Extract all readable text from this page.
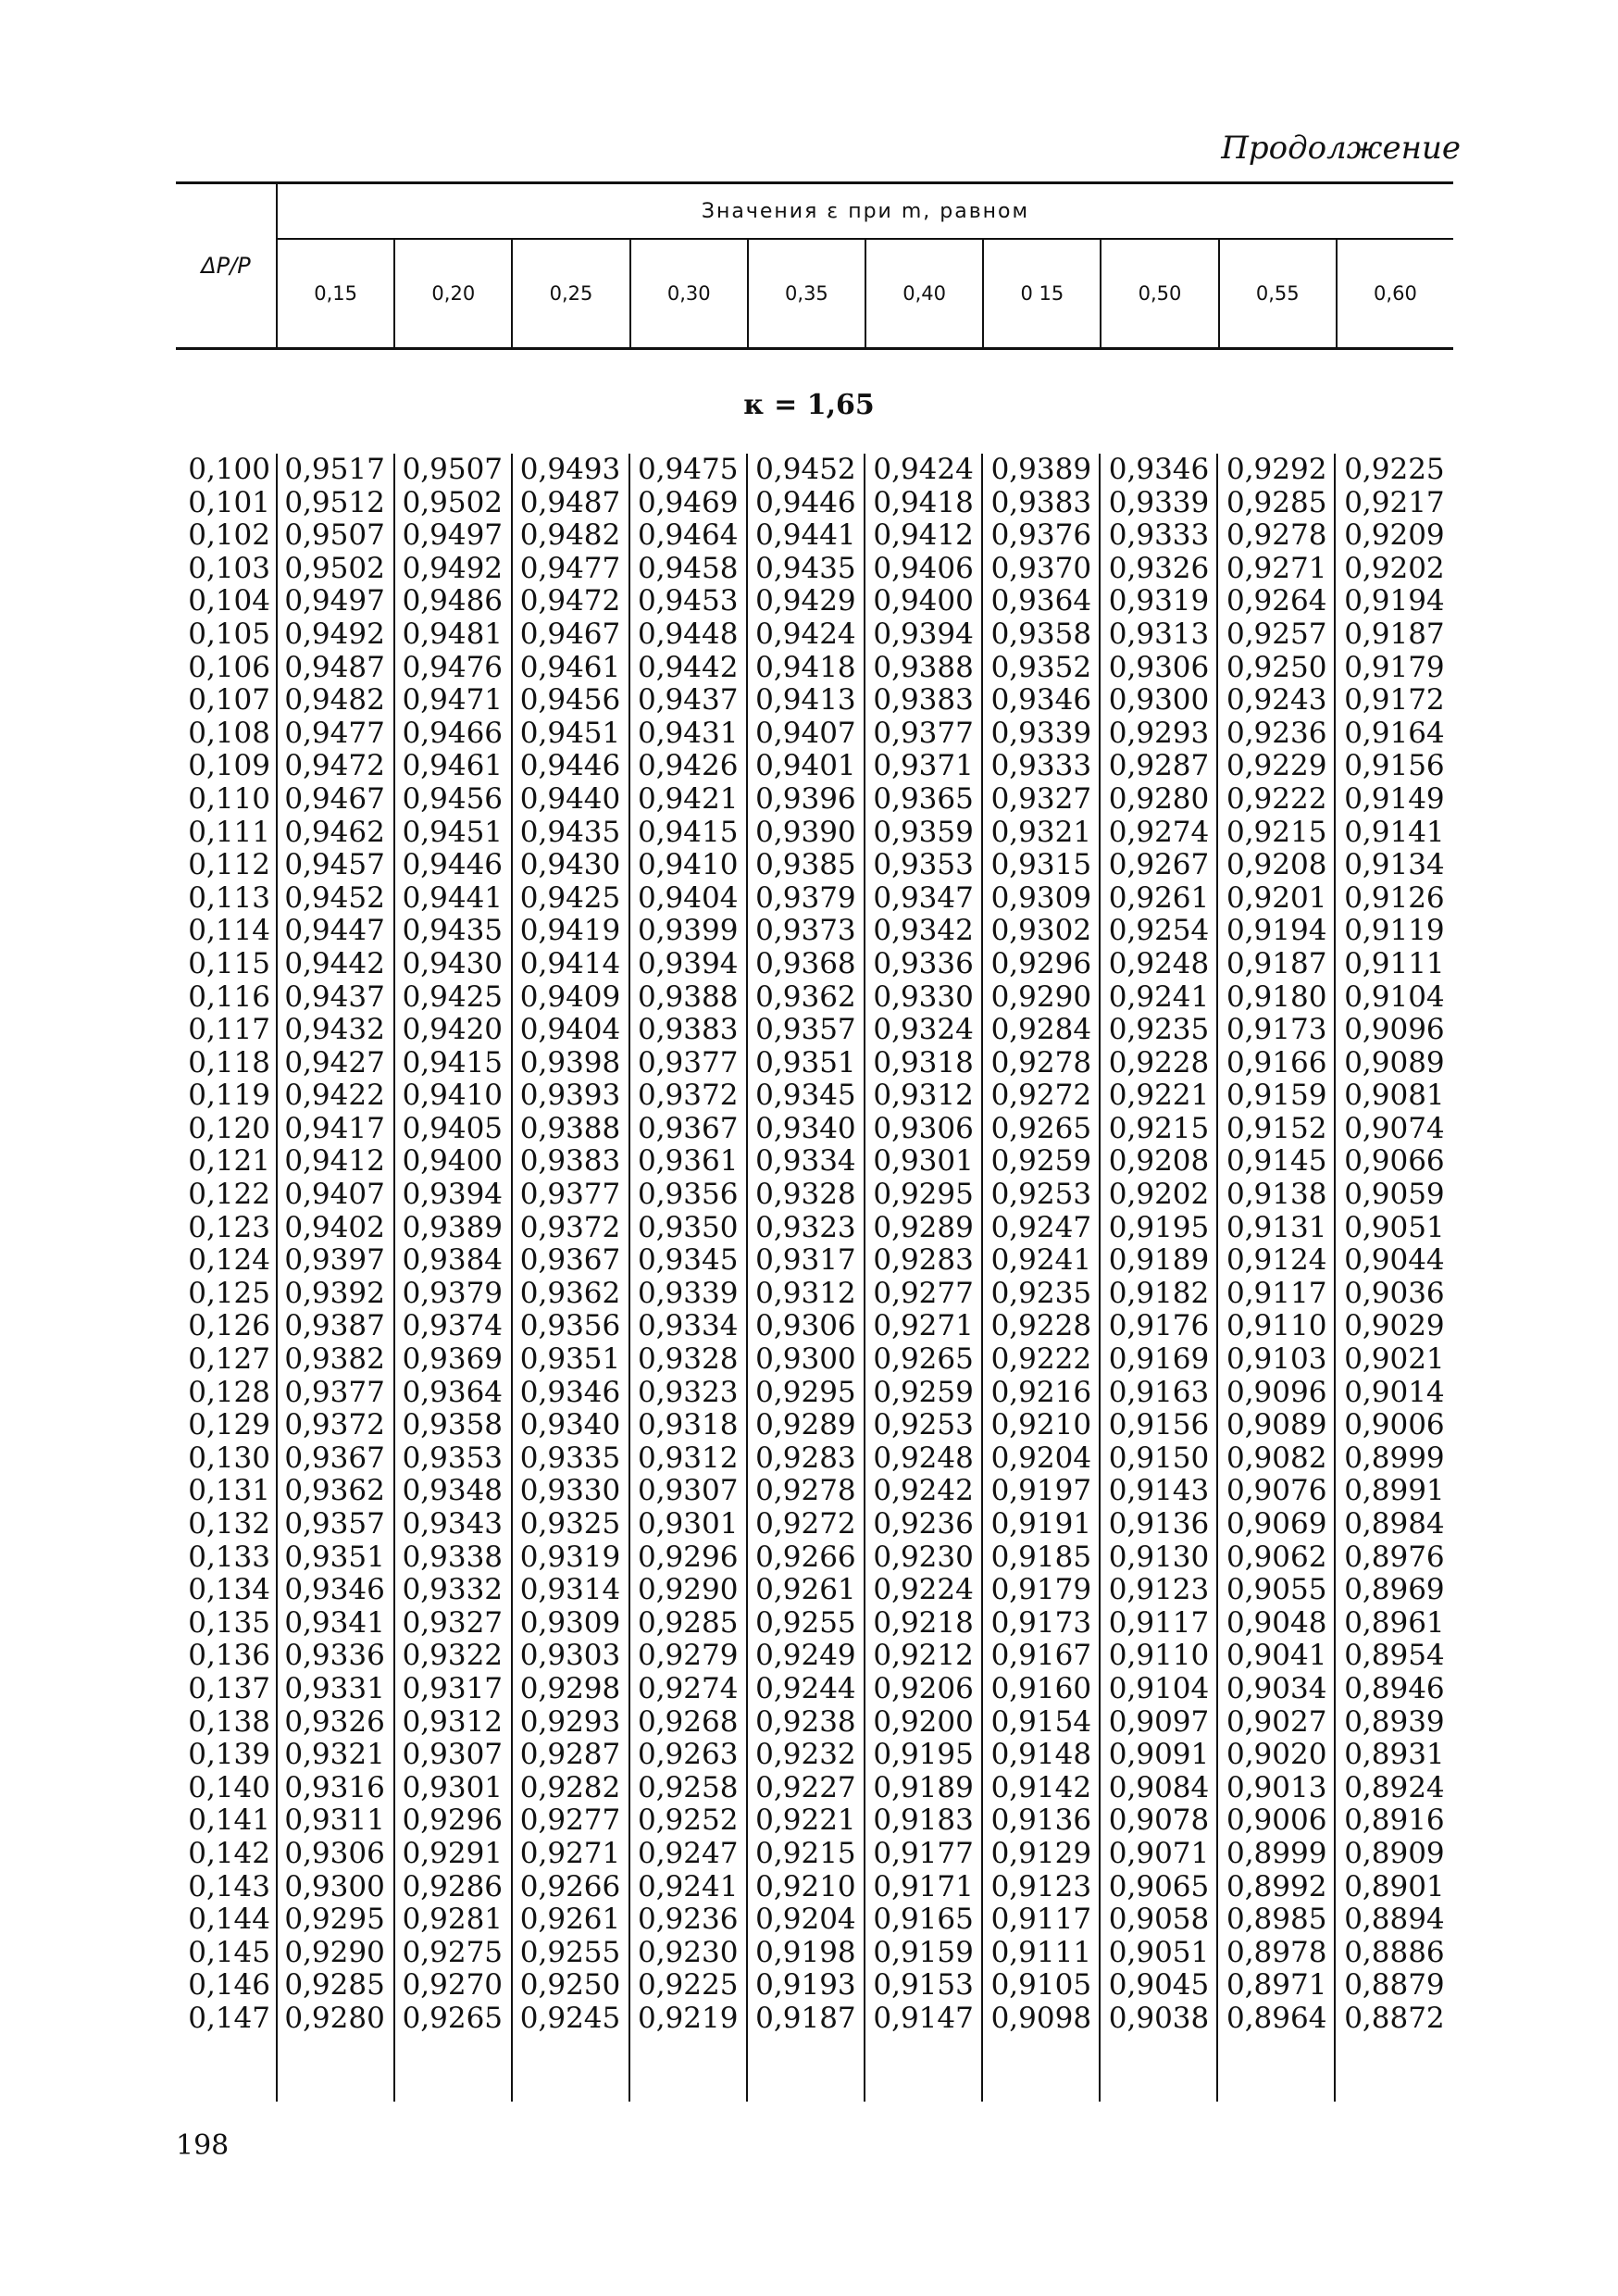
Продолжение
ΔP/P
Значения ε при m, равном
0,15	0,20	0,25	0,30	0,35	0,40	0 15	0,50	0,55	0,60
κ = 1,65
0,100 0,9517 0,9507 0,9493 0,9475 0,9452 0,9424 0,9389 0,9346 0,9292 0,9225
0,101 0,9512 0,9502 0,9487 0,9469 0,9446 0,9418 0,9383 0,9339 0,9285 0,9217
0,102 0,9507 0,9497 0,9482 0,9464 0,9441 0,9412 0,9376 0,9333 0,9278 0,9209
0,103 0,9502 0,9492 0,9477 0,9458 0,9435 0,9406 0,9370 0,9326 0,9271 0,9202
0,104 0,9497 0,9486 0,9472 0,9453 0,9429 0,9400 0,9364 0,9319 0,9264 0,9194
0,105 0,9492 0,9481 0,9467 0,9448 0,9424 0,9394 0,9358 0,9313 0,9257 0,9187
0,106 0,9487 0,9476 0,9461 0,9442 0,9418 0,9388 0,9352 0,9306 0,9250 0,9179
0,107 0,9482 0,9471 0,9456 0,9437 0,9413 0,9383 0,9346 0,9300 0,9243 0,9172
0,108 0,9477 0,9466 0,9451 0,9431 0,9407 0,9377 0,9339 0,9293 0,9236 0,9164
0,109 0,9472 0,9461 0,9446 0,9426 0,9401 0,9371 0,9333 0,9287 0,9229 0,9156
0,110 0,9467 0,9456 0,9440 0,9421 0,9396 0,9365 0,9327 0,9280 0,9222 0,9149
0,111 0,9462 0,9451 0,9435 0,9415 0,9390 0,9359 0,9321 0,9274 0,9215 0,9141
0,112 0,9457 0,9446 0,9430 0,9410 0,9385 0,9353 0,9315 0,9267 0,9208 0,9134
0,113 0,9452 0,9441 0,9425 0,9404 0,9379 0,9347 0,9309 0,9261 0,9201 0,9126
0,114 0,9447 0,9435 0,9419 0,9399 0,9373 0,9342 0,9302 0,9254 0,9194 0,9119
0,115 0,9442 0,9430 0,9414 0,9394 0,9368 0,9336 0,9296 0,9248 0,9187 0,9111
0,116 0,9437 0,9425 0,9409 0,9388 0,9362 0,9330 0,9290 0,9241 0,9180 0,9104
0,117 0,9432 0,9420 0,9404 0,9383 0,9357 0,9324 0,9284 0,9235 0,9173 0,9096
0,118 0,9427 0,9415 0,9398 0,9377 0,9351 0,9318 0,9278 0,9228 0,9166 0,9089
0,119 0,9422 0,9410 0,9393 0,9372 0,9345 0,9312 0,9272 0,9221 0,9159 0,9081
0,120 0,9417 0,9405 0,9388 0,9367 0,9340 0,9306 0,9265 0,9215 0,9152 0,9074
0,121 0,9412 0,9400 0,9383 0,9361 0,9334 0,9301 0,9259 0,9208 0,9145 0,9066
0,122 0,9407 0,9394 0,9377 0,9356 0,9328 0,9295 0,9253 0,9202 0,9138 0,9059
0,123 0,9402 0,9389 0,9372 0,9350 0,9323 0,9289 0,9247 0,9195 0,9131 0,9051
0,124 0,9397 0,9384 0,9367 0,9345 0,9317 0,9283 0,9241 0,9189 0,9124 0,9044
0,125 0,9392 0,9379 0,9362 0,9339 0,9312 0,9277 0,9235 0,9182 0,9117 0,9036
0,126 0,9387 0,9374 0,9356 0,9334 0,9306 0,9271 0,9228 0,9176 0,9110 0,9029
0,127 0,9382 0,9369 0,9351 0,9328 0,9300 0,9265 0,9222 0,9169 0,9103 0,9021
0,128 0,9377 0,9364 0,9346 0,9323 0,9295 0,9259 0,9216 0,9163 0,9096 0,9014
0,129 0,9372 0,9358 0,9340 0,9318 0,9289 0,9253 0,9210 0,9156 0,9089 0,9006
0,130 0,9367 0,9353 0,9335 0,9312 0,9283 0,9248 0,9204 0,9150 0,9082 0,8999
0,131 0,9362 0,9348 0,9330 0,9307 0,9278 0,9242 0,9197 0,9143 0,9076 0,8991
0,132 0,9357 0,9343 0,9325 0,9301 0,9272 0,9236 0,9191 0,9136 0,9069 0,8984
0,133 0,9351 0,9338 0,9319 0,9296 0,9266 0,9230 0,9185 0,9130 0,9062 0,8976
0,134 0,9346 0,9332 0,9314 0,9290 0,9261 0,9224 0,9179 0,9123 0,9055 0,8969
0,135 0,9341 0,9327 0,9309 0,9285 0,9255 0,9218 0,9173 0,9117 0,9048 0,8961
0,136 0,9336 0,9322 0,9303 0,9279 0,9249 0,9212 0,9167 0,9110 0,9041 0,8954
0,137 0,9331 0,9317 0,9298 0,9274 0,9244 0,9206 0,9160 0,9104 0,9034 0,8946
0,138 0,9326 0,9312 0,9293 0,9268 0,9238 0,9200 0,9154 0,9097 0,9027 0,8939
0,139 0,9321 0,9307 0,9287 0,9263 0,9232 0,9195 0,9148 0,9091 0,9020 0,8931
0,140 0,9316 0,9301 0,9282 0,9258 0,9227 0,9189 0,9142 0,9084 0,9013 0,8924
0,141 0,9311 0,9296 0,9277 0,9252 0,9221 0,9183 0,9136 0,9078 0,9006 0,8916
0,142 0,9306 0,9291 0,9271 0,9247 0,9215 0,9177 0,9129 0,9071 0,8999 0,8909
0,143 0,9300 0,9286 0,9266 0,9241 0,9210 0,9171 0,9123 0,9065 0,8992 0,8901
0,144 0,9295 0,9281 0,9261 0,9236 0,9204 0,9165 0,9117 0,9058 0,8985 0,8894
0,145 0,9290 0,9275 0,9255 0,9230 0,9198 0,9159 0,9111 0,9051 0,8978 0,8886
0,146 0,9285 0,9270 0,9250 0,9225 0,9193 0,9153 0,9105 0,9045 0,8971 0,8879
0,147 0,9280 0,9265 0,9245 0,9219 0,9187 0,9147 0,9098 0,9038 0,8964 0,8872
198
